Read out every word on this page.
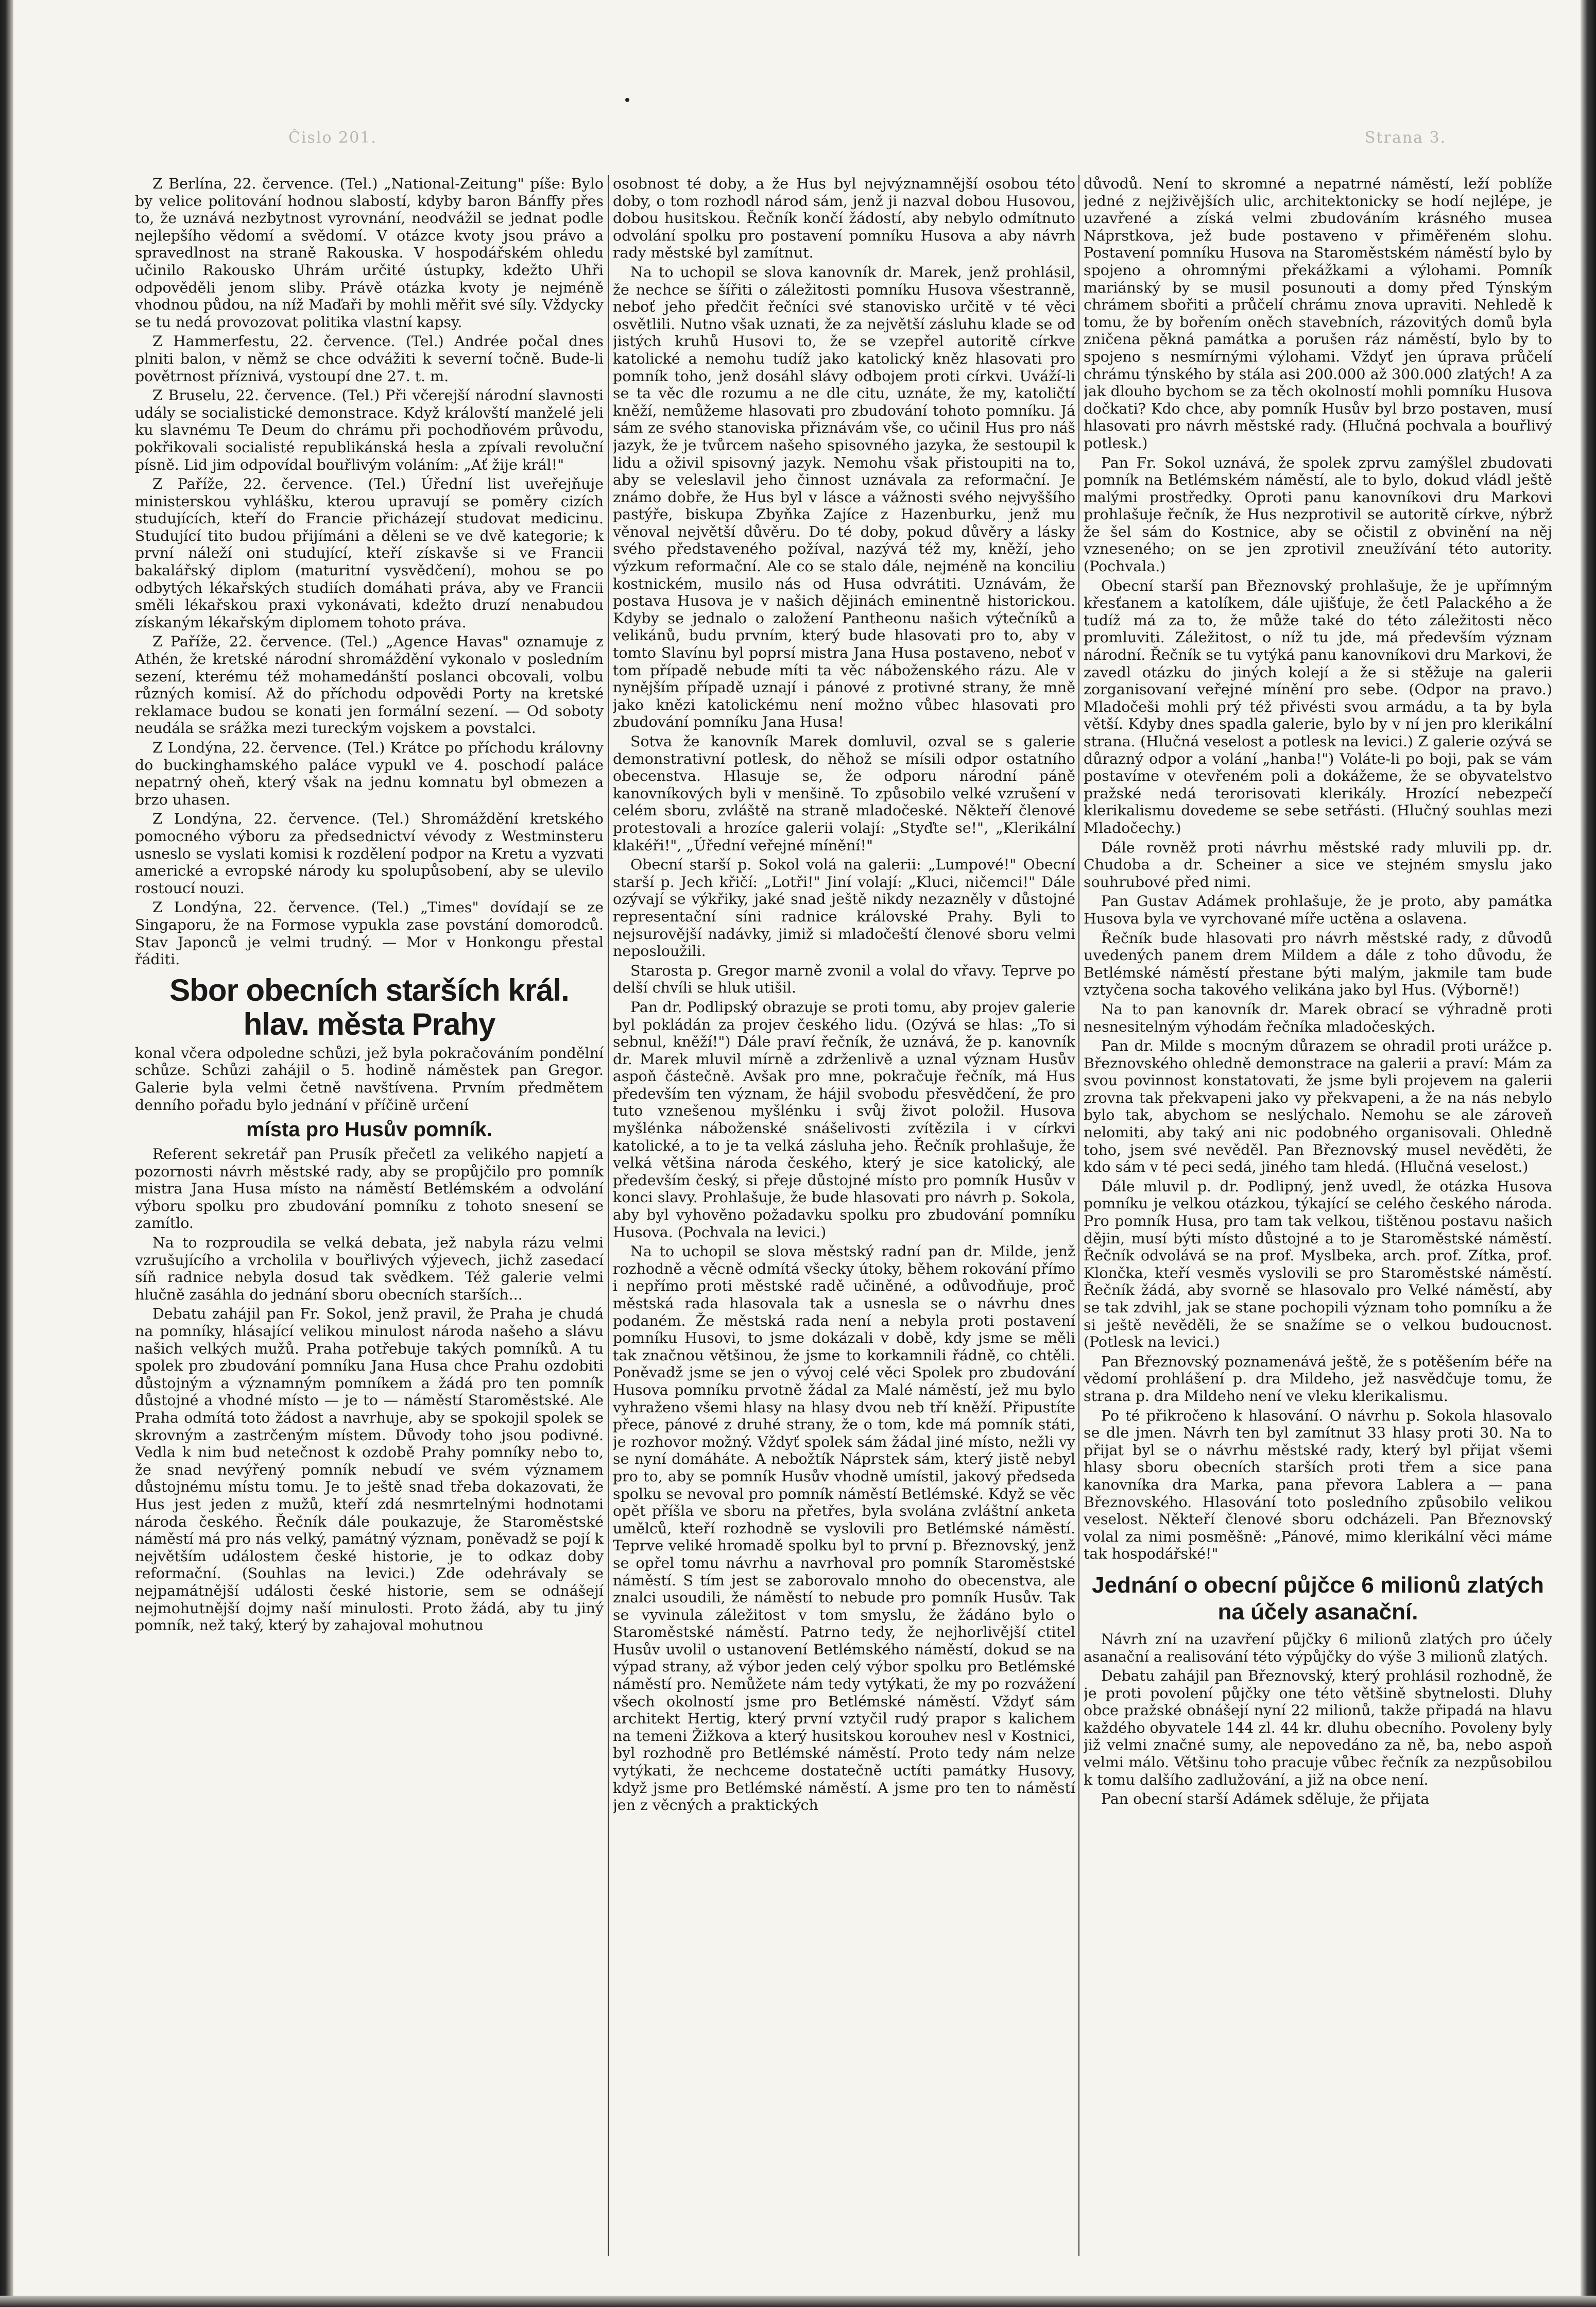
Čislo 201.	Strana 3.

Z Berlína, 22. července. (Tel.) „National-Zeitung" píše: Bylo by velice politování hodnou slabostí, kdyby baron Bánffy přes to, že uznává nezbytnost vyrovnání, neodvážil se jednat podle nejlepšího vědomí a svědomí. V otázce kvoty jsou právo a spravedlnost na straně Rakouska. V hospodářském ohledu učinilo Rakousko Uhrám určité ústupky, kdežto Uhři odpověděli jenom sliby. Právě otázka kvoty je nejméně vhodnou půdou, na níž Maďaři by mohli měřit své síly. Vždycky se tu nedá provozovat politika vlastní kapsy.

Z Hammerfestu, 22. července. (Tel.) Andrée počal dnes plniti balon, v němž se chce odvážiti k severní točně. Bude-li povětrnost příznivá, vystoupí dne 27. t. m.

Z Bruselu, 22. července. (Tel.) Při včerejší národní slavnosti udály se socialistické demonstrace. Když královští manželé jeli ku slavnému Te Deum do chrámu při pochodňovém průvodu, pokřikovali socialisté republikánská hesla a zpívali revoluční písně. Lid jim odpovídal bouřlivým voláním: „Ať žije král!"

Z Paříže, 22. července. (Tel.) Úřední list uveřejňuje ministerskou vyhlášku, kterou upravují se poměry cizích studujících, kteří do Francie přicházejí studovat medicinu. Studující tito budou přijímáni a děleni se ve dvě kategorie; k první náleží oni studující, kteří získavše si ve Francii bakalářský diplom (maturitní vysvědčení), mohou se po odbytých lékařských studiích domáhati práva, aby ve Francii směli lékařskou praxi vykonávati, kdežto druzí nenabudou získaným lékařským diplomem tohoto práva.

Z Paříže, 22. července. (Tel.) „Agence Havas" oznamuje z Athén, že kretské národní shromáždění vykonalo v posledním sezení, kterému též mohamedánští poslanci obcovali, volbu různých komisí. Až do příchodu odpovědi Porty na kretské reklamace budou se konati jen formální sezení. — Od soboty neudála se srážka mezi tureckým vojskem a povstalci.

Z Londýna, 22. července. (Tel.) Krátce po příchodu královny do buckinghamského paláce vypukl ve 4. poschodí paláce nepatrný oheň, který však na jednu komnatu byl obmezen a brzo uhasen.

Z Londýna, 22. července. (Tel.) Shromáždění kretského pomocného výboru za předsednictví vévody z Westminsteru usneslo se vyslati komisi k rozdělení podpor na Kretu a vyzvati americké a evropské národy ku spolupůsobení, aby se ulevilo rostoucí nouzi.

Z Londýna, 22. července. (Tel.) „Times" dovídají se ze Singaporu, že na Formose vypukla zase povstání domorodců. Stav Japonců je velmi trudný. — Mor v Honkongu přestal řáditi.

Sbor obecních starších král. hlav. města Prahy

konal včera odpoledne schůzi, jež byla pokračováním pondělní schůze. Schůzi zahájil o 5. hodině náměstek pan Gregor. Galerie byla velmi četně navštívena. Prvním předmětem denního pořadu bylo jednání v příčině určení

místa pro Husův pomník.

Referent sekretář pan Prusík přečetl za velikého napjetí a pozornosti návrh městské rady, aby se propůjčilo pro pomník mistra Jana Husa místo na náměstí Betlémském a odvolání výboru spolku pro zbudování pomníku z tohoto snesení se zamítlo.

Na to rozproudila se velká debata, jež nabyla rázu velmi vzrušujícího a vrcholila v bouřlivých výjevech, jichž zasedací síň radnice nebyla dosud tak svědkem. Též galerie velmi hlučně zasáhla do jednání sboru obecních starších...

Debatu zahájil pan Fr. Sokol, jenž pravil, že Praha je chudá na pomníky, hlásající velikou minulost národa našeho a slávu našich velkých mužů. Praha potřebuje takých pomníků. A tu spolek pro zbudování pomníku Jana Husa chce Prahu ozdobiti důstojným a významným pomníkem a žádá pro ten pomník důstojné a vhodné místo — je to — náměstí Staroměstské. Ale Praha odmítá toto žádost a navrhuje, aby se spokojil spolek se skrovným a zastrčeným místem. Důvody toho jsou podivné. Vedla k nim bud netečnost k ozdobě Prahy pomníky nebo to, že snad nevýřený pomník nebudí ve svém významem důstojnému místu tomu. Je to ještě snad třeba dokazovati, že Hus jest jeden z mužů, kteří zdá nesmrtelnými hodnotami národa českého. Řečník dále poukazuje, že Staroměstské náměstí má pro nás velký, památný význam, poněvadž se pojí k největším událostem české historie, je to odkaz doby reformační. (Souhlas na levici.) Zde odehrávaly se nejpamátnější události české historie, sem se odnášejí nejmohutnější dojmy naší minulosti. Proto žádá, aby tu jiný pomník, než taký, který by zahajoval mohutnou

osobnost té doby, a že Hus byl nejvýznamnější osobou této doby, o tom rozhodl národ sám, jenž ji nazval dobou Husovou, dobou husitskou. Řečník končí žádostí, aby nebylo odmítnuto odvolání spolku pro postavení pomníku Husova a aby návrh rady městské byl zamítnut.

Na to uchopil se slova kanovník dr. Marek, jenž prohlásil, že nechce se šířiti o záležitosti pomníku Husova všestranně, neboť jeho předčit řečníci své stanovisko určitě v té věci osvětlili. Nutno však uznati, že za největší zásluhu klade se od jistých kruhů Husovi to, že se vzepřel autoritě církve katolické a nemohu tudíž jako katolický kněz hlasovati pro pomník toho, jenž dosáhl slávy odbojem proti církvi. Uváží-li se ta věc dle rozumu a ne dle citu, uznáte, že my, katoličtí kněží, nemůžeme hlasovati pro zbudování tohoto pomníku. Já sám ze svého stanoviska přiznávám vše, co učinil Hus pro náš jazyk, že je tvůrcem našeho spisovného jazyka, že sestoupil k lidu a oživil spisovný jazyk. Nemohu však přistoupiti na to, aby se veleslavil jeho činnost uznávala za reformační. Je známo dobře, že Hus byl v lásce a vážnosti svého nejvyššího pastýře, biskupa Zbyňka Zajíce z Hazenburku, jenž mu věnoval největší důvěru. Do té doby, pokud důvěry a lásky svého představeného požíval, nazývá též my, kněží, jeho výzkum reformační. Ale co se stalo dále, nejméně na konciliu kostnickém, musilo nás od Husa odvrátiti. Uznávám, že postava Husova je v našich dějinách eminentně historickou. Kdyby se jednalo o založení Pantheonu našich výtečníků a velikánů, budu prvním, který bude hlasovati pro to, aby v tomto Slavínu byl poprsí mistra Jana Husa postaveno, neboť v tom případě nebude míti ta věc náboženského rázu. Ale v nynějším případě uznají i pánové z protivné strany, že mně jako knězi katolickému není možno vůbec hlasovati pro zbudování pomníku Jana Husa!

Sotva že kanovník Marek domluvil, ozval se s galerie demonstrativní potlesk, do něhož se mísili odpor ostatního obecenstva. Hlasuje se, že odporu národní páně kanovníkových byli v menšině. To způsobilo velké vzrušení v celém sboru, zvláště na straně mladočeské. Někteří členové protestovali a hrozíce galerii volají: „Styďte se!", „Klerikální klakéři!", „Úřední veřejné mínění!"

Obecní starší p. Sokol volá na galerii: „Lumpové!" Obecní starší p. Jech křičí: „Lotři!" Jiní volají: „Kluci, ničemci!" Dále ozývají se výkřiky, jaké snad ještě nikdy nezazněly v důstojné representační síni radnice královské Prahy. Byli to nejsurovější nadávky, jimiž si mladočeští členové sboru velmi neposloužili.

Starosta p. Gregor marně zvonil a volal do vřavy. Teprve po delší chvíli se hluk utišil.

Pan dr. Podlipský obrazuje se proti tomu, aby projev galerie byl pokládán za projev českého lidu. (Ozývá se hlas: „To si sebnul, kněží!") Dále praví řečník, že uznává, že p. kanovník dr. Marek mluvil mírně a zdrženlivě a uznal význam Husův aspoň částečně. Avšak pro mne, pokračuje řečník, má Hus především ten význam, že hájil svobodu přesvědčení, že pro tuto vznešenou myšlénku i svůj život položil. Husova myšlénka náboženské snášelivosti zvítězila i v církvi katolické, a to je ta velká zásluha jeho. Řečník prohlašuje, že velká většina národa českého, který je sice katolický, ale především český, si přeje důstojné místo pro pomník Husův v konci slavy. Prohlašuje, že bude hlasovati pro návrh p. Sokola, aby byl vyhověno požadavku spolku pro zbudování pomníku Husova. (Pochvala na levici.)

Na to uchopil se slova městský radní pan dr. Milde, jenž rozhodně a věcně odmítá všecky útoky, během rokování přímo i nepřímo proti městské radě učiněné, a odůvodňuje, proč městská rada hlasovala tak a usnesla se o návrhu dnes podaném. Že městská rada není a nebyla proti postavení pomníku Husovi, to jsme dokázali v době, kdy jsme se měli tak značnou většinou, že jsme to korkamnili řádně, co chtěli. Poněvadž jsme se jen o vývoj celé věci Spolek pro zbudování Husova pomníku prvotně žádal za Malé náměstí, jež mu bylo vyhraženo všemi hlasy na hlasy dvou neb tří kněží. Připustíte přece, pánové z druhé strany, že o tom, kde má pomník státi, je rozhovor možný. Vždyť spolek sám žádal jiné místo, nežli vy se nyní domáháte. A nebožtík Náprstek sám, který jistě nebyl pro to, aby se pomník Husův vhodně umístil, jakový předseda spolku se nevoval pro pomník náměstí Betlémské. Když se věc opět příšla ve sboru na přetřes, byla svolána zvláštní anketa umělců, kteří rozhodně se vyslovili pro Betlémské náměstí. Teprve veliké hromadě spolku byl to první p. Březnovský, jenž se opřel tomu návrhu a navrhoval pro pomník Staroměstské náměstí. S tím jest se zaborovalo mnoho do obecenstva, ale znalci usoudili, že náměstí to nebude pro pomník Husův. Tak se vyvinula záležitost v tom smyslu, že žádáno bylo o Staroměstské náměstí. Patrno tedy, že nejhorlivější ctitel Husův uvolil o ustanovení Betlémského náměstí, dokud se na výpad strany, až výbor jeden celý výbor spolku pro Betlémské náměstí pro. Nemůžete nám tedy vytýkati, že my po rozvážení všech okolností jsme pro Betlémské náměstí. Vždyť sám architekt Hertig, který první vztyčil rudý prapor s kalichem na temeni Žižkova a který husitskou korouhev nesl v Kostnici, byl rozhodně pro Betlémské náměstí. Proto tedy nám nelze vytýkati, že nechceme dostatečně uctíti památky Husovy, když jsme pro Betlémské náměstí. A jsme pro ten to náměstí jen z věcných a praktických

důvodů. Není to skromné a nepatrné náměstí, leží poblíže jedné z nejživějších ulic, architektonicky se hodí nejlépe, je uzavřené a získá velmi zbudováním krásného musea Náprstkova, jež bude postaveno v přiměřeném slohu. Postavení pomníku Husova na Staroměstském náměstí bylo by spojeno a ohromnými překážkami a výlohami. Pomník mariánský by se musil posunouti a domy před Týnským chrámem sbořiti a průčelí chrámu znova upraviti. Nehledě k tomu, že by bořením oněch stavebních, rázovitých domů byla zničena pěkná památka a porušen ráz náměstí, bylo by to spojeno s nesmírnými výlohami. Vždyť jen úprava průčelí chrámu týnského by stála asi 200.000 až 300.000 zlatých! A za jak dlouho bychom se za těch okolností mohli pomníku Husova dočkati? Kdo chce, aby pomník Husův byl brzo postaven, musí hlasovati pro návrh městské rady. (Hlučná pochvala a bouřlivý potlesk.)

Pan Fr. Sokol uznává, že spolek zprvu zamýšlel zbudovati pomník na Betlémském náměstí, ale to bylo, dokud vládl ještě malými prostředky. Oproti panu kanovníkovi dru Markovi prohlašuje řečník, že Hus nezprotivil se autoritě církve, nýbrž že šel sám do Kostnice, aby se očistil z obvinění na něj vzneseného; on se jen zprotivil zneužívání této autority. (Pochvala.)

Obecní starší pan Březnovský prohlašuje, že je upřímným křesťanem a katolíkem, dále ujišťuje, že četl Palackého a že tudíž má za to, že může také do této záležitosti něco promluviti. Záležitost, o níž tu jde, má především význam národní. Řečník se tu vytýká panu kanovníkovi dru Markovi, že zavedl otázku do jiných kolejí a že si stěžuje na galerii zorganisovaní veřejné mínění pro sebe. (Odpor na pravo.) Mladočeši mohli prý též přivésti svou armádu, a ta by byla větší. Kdyby dnes spadla galerie, bylo by v ní jen pro klerikální strana. (Hlučná veselost a potlesk na levici.) Z galerie ozývá se důrazný odpor a volání „hanba!") Voláte-li po boji, pak se vám postavíme v otevřeném poli a dokážeme, že se obyvatelstvo pražské nedá terorisovati klerikály. Hrozící nebezpečí klerikalismu dovedeme se sebe setřásti. (Hlučný souhlas mezi Mladočechy.)

Dále rovněž proti návrhu městské rady mluvili pp. dr. Chudoba a dr. Scheiner a sice ve stejném smyslu jako souhrubové před nimi.

Pan Gustav Adámek prohlašuje, že je proto, aby památka Husova byla ve vyrchované míře uctěna a oslavena.

Řečník bude hlasovati pro návrh městské rady, z důvodů uvedených panem drem Mildem a dále z toho důvodu, že Betlémské náměstí přestane býti malým, jakmile tam bude vztyčena socha takového velikána jako byl Hus. (Výborně!)

Na to pan kanovník dr. Marek obrací se výhradně proti nesnesitelným výhodám řečníka mladočeských.

Pan dr. Milde s mocným důrazem se ohradil proti urážce p. Březnovského ohledně demonstrace na galerii a praví: Mám za svou povinnost konstatovati, že jsme byli projevem na galerii zrovna tak překvapeni jako vy překvapeni, a že na nás nebylo bylo tak, abychom se neslýchalo. Nemohu se ale zároveň nelomiti, aby taký ani nic podobného organisovali. Ohledně toho, jsem své nevěděl. Pan Březnovský musel nevěděti, že kdo sám v té peci sedá, jiného tam hledá. (Hlučná veselost.)

Dále mluvil p. dr. Podlipný, jenž uvedl, že otázka Husova pomníku je velkou otázkou, týkající se celého českého národa. Pro pomník Husa, pro tam tak velkou, tištěnou postavu našich dějin, musí býti místo důstojné a to je Staroměstské náměstí. Řečník odvolává se na prof. Myslbeka, arch. prof. Zítka, prof. Klončka, kteří vesměs vyslovili se pro Staroměstské náměstí. Řečník žádá, aby svorně se hlasovalo pro Velké náměstí, aby se tak zdvihl, jak se stane pochopili význam toho pomníku a že si ještě nevěděli, že se snažíme se o velkou budoucnost. (Potlesk na levici.)

Pan Březnovský poznamenává ještě, že s potěšením béře na vědomí prohlášení p. dra Mildeho, jež nasvědčuje tomu, že strana p. dra Mildeho není ve vleku klerikalismu.

Po té přikročeno k hlasování. O návrhu p. Sokola hlasovalo se dle jmen. Návrh ten byl zamítnut 33 hlasy proti 30. Na to přijat byl se o návrhu městské rady, který byl přijat všemi hlasy sboru obecních starších proti třem a sice pana kanovníka dra Marka, pana převora Lablera a — pana Březnovského. Hlasování toto posledního způsobilo velikou veselost. Někteří členové sboru odcházeli. Pan Březnovský volal za nimi posměšně: „Pánové, mimo klerikální věci máme tak hospodářské!"

Jednání o obecní půjčce 6 milionů zlatých na účely asanační.

Návrh zní na uzavření půjčky 6 milionů zlatých pro účely asanační a realisování této výpůjčky do výše 3 milionů zlatých.

Debatu zahájil pan Březnovský, který prohlásil rozhodně, že je proti povolení půjčky one této většině sbytnelosti. Dluhy obce pražské obnášejí nyní 22 milionů, takže připadá na hlavu každého obyvatele 144 zl. 44 kr. dluhu obecního. Povoleny byly již velmi značné sumy, ale nepovedáno za ně, ba, nebo aspoň velmi málo. Většinu toho pracuje vůbec řečník za nezpůsobilou k tomu dalšího zadlužování, a již na obce není.

Pan obecní starší Adámek sděluje, že přijata
